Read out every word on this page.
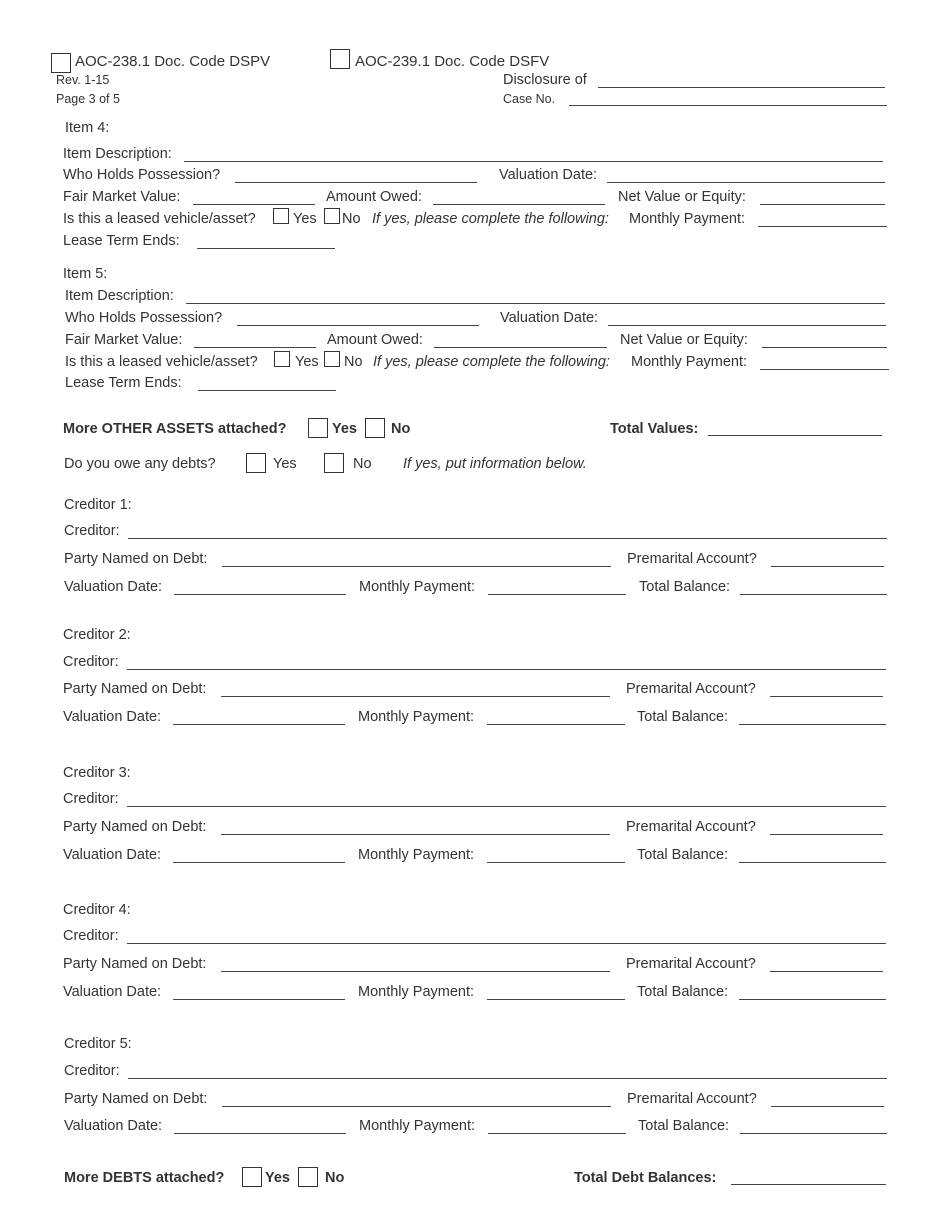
AOC-238.1 Doc. Code DSPV	AOC-239.1 Doc. Code DSFV
Rev. 1-15
Page 3 of 5
Disclosure of
Case No.
Item 4:
Item Description:
Who Holds Possession?	Valuation Date:
Fair Market Value:	Amount Owed:	Net Value or Equity:
Is this a leased vehicle/asset?	Yes No If yes, please complete the following: Monthly Payment:
Lease Term Ends:
Item 5:
Item Description:
Who Holds Possession?	Valuation Date:
Fair Market Value:	Amount Owed:	Net Value or Equity:
Is this a leased vehicle/asset?	Yes No If yes, please complete the following: Monthly Payment:
Lease Term Ends:
More OTHER ASSETS attached?	Yes No	Total Values:
Do you owe any debts?	Yes	No If yes, put information below.
Creditor 1:
Creditor:
Party Named on Debt:	Premarital Account?
Valuation Date:	Monthly Payment:	Total Balance:
Creditor 2:
Creditor:
Party Named on Debt:	Premarital Account?
Valuation Date:	Monthly Payment:	Total Balance:
Creditor 3:
Creditor:
Party Named on Debt:	Premarital Account?
Valuation Date:	Monthly Payment:	Total Balance:
Creditor 4:
Creditor:
Party Named on Debt:	Premarital Account?
Valuation Date:	Monthly Payment:	Total Balance:
Creditor 5:
Creditor:
Party Named on Debt:	Premarital Account?
Valuation Date:	Monthly Payment:	Total Balance:
More DEBTS attached?	Yes No	Total Debt Balances:
